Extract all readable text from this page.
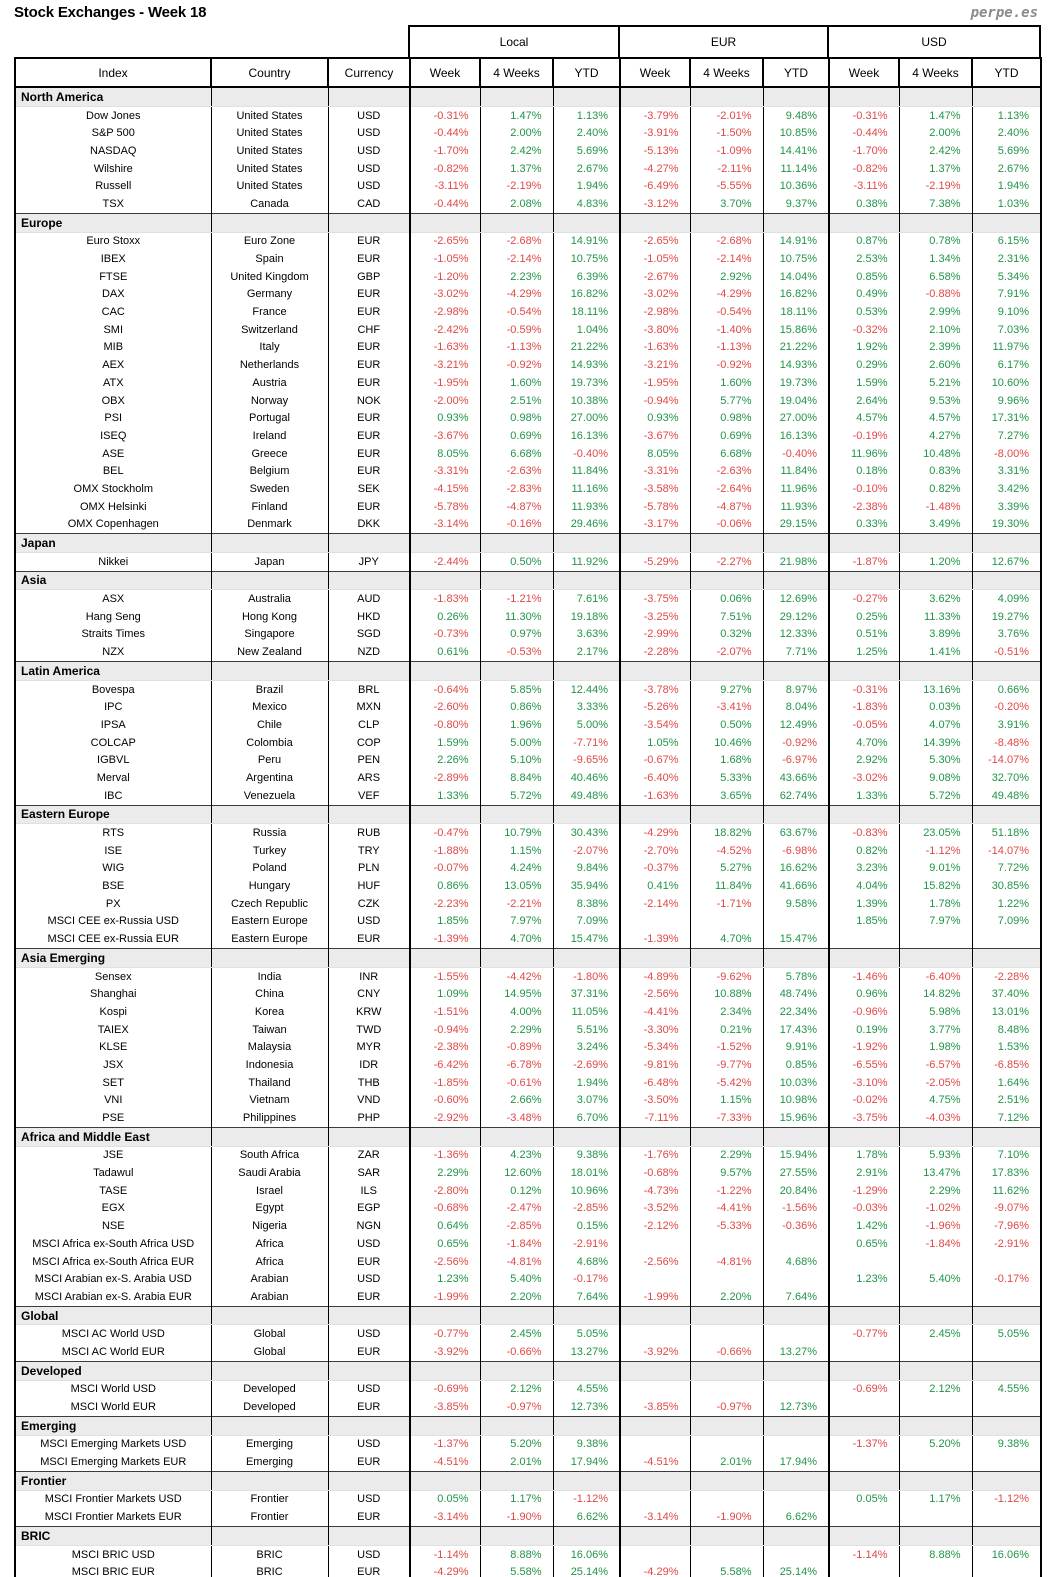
Stock Exchanges - Week 18	perpe.es
	Local	EUR	USD
Index	Country	Currency	Week	4 Weeks	YTD	Week	4 Weeks	YTD	Week	4 Weeks	YTD
North America											
Dow Jones	United States	USD	-0.31%	1.47%	1.13%	-3.79%	-2.01%	9.48%	-0.31%	1.47%	1.13%
S&P 500	United States	USD	-0.44%	2.00%	2.40%	-3.91%	-1.50%	10.85%	-0.44%	2.00%	2.40%
NASDAQ	United States	USD	-1.70%	2.42%	5.69%	-5.13%	-1.09%	14.41%	-1.70%	2.42%	5.69%
Wilshire	United States	USD	-0.82%	1.37%	2.67%	-4.27%	-2.11%	11.14%	-0.82%	1.37%	2.67%
Russell	United States	USD	-3.11%	-2.19%	1.94%	-6.49%	-5.55%	10.36%	-3.11%	-2.19%	1.94%
TSX	Canada	CAD	-0.44%	2.08%	4.83%	-3.12%	3.70%	9.37%	0.38%	7.38%	1.03%
Europe											
Euro Stoxx	Euro Zone	EUR	-2.65%	-2.68%	14.91%	-2.65%	-2.68%	14.91%	0.87%	0.78%	6.15%
IBEX	Spain	EUR	-1.05%	-2.14%	10.75%	-1.05%	-2.14%	10.75%	2.53%	1.34%	2.31%
FTSE	United Kingdom	GBP	-1.20%	2.23%	6.39%	-2.67%	2.92%	14.04%	0.85%	6.58%	5.34%
DAX	Germany	EUR	-3.02%	-4.29%	16.82%	-3.02%	-4.29%	16.82%	0.49%	-0.88%	7.91%
CAC	France	EUR	-2.98%	-0.54%	18.11%	-2.98%	-0.54%	18.11%	0.53%	2.99%	9.10%
SMI	Switzerland	CHF	-2.42%	-0.59%	1.04%	-3.80%	-1.40%	15.86%	-0.32%	2.10%	7.03%
MIB	Italy	EUR	-1.63%	-1.13%	21.22%	-1.63%	-1.13%	21.22%	1.92%	2.39%	11.97%
AEX	Netherlands	EUR	-3.21%	-0.92%	14.93%	-3.21%	-0.92%	14.93%	0.29%	2.60%	6.17%
ATX	Austria	EUR	-1.95%	1.60%	19.73%	-1.95%	1.60%	19.73%	1.59%	5.21%	10.60%
OBX	Norway	NOK	-2.00%	2.51%	10.38%	-0.94%	5.77%	19.04%	2.64%	9.53%	9.96%
PSI	Portugal	EUR	0.93%	0.98%	27.00%	0.93%	0.98%	27.00%	4.57%	4.57%	17.31%
ISEQ	Ireland	EUR	-3.67%	0.69%	16.13%	-3.67%	0.69%	16.13%	-0.19%	4.27%	7.27%
ASE	Greece	EUR	8.05%	6.68%	-0.40%	8.05%	6.68%	-0.40%	11.96%	10.48%	-8.00%
BEL	Belgium	EUR	-3.31%	-2.63%	11.84%	-3.31%	-2.63%	11.84%	0.18%	0.83%	3.31%
OMX Stockholm	Sweden	SEK	-4.15%	-2.83%	11.16%	-3.58%	-2.64%	11.96%	-0.10%	0.82%	3.42%
OMX Helsinki	Finland	EUR	-5.78%	-4.87%	11.93%	-5.78%	-4.87%	11.93%	-2.38%	-1.48%	3.39%
OMX Copenhagen	Denmark	DKK	-3.14%	-0.16%	29.46%	-3.17%	-0.06%	29.15%	0.33%	3.49%	19.30%
Japan											
Nikkei	Japan	JPY	-2.44%	0.50%	11.92%	-5.29%	-2.27%	21.98%	-1.87%	1.20%	12.67%
Asia											
ASX	Australia	AUD	-1.83%	-1.21%	7.61%	-3.75%	0.06%	12.69%	-0.27%	3.62%	4.09%
Hang Seng	Hong Kong	HKD	0.26%	11.30%	19.18%	-3.25%	7.51%	29.12%	0.25%	11.33%	19.27%
Straits Times	Singapore	SGD	-0.73%	0.97%	3.63%	-2.99%	0.32%	12.33%	0.51%	3.89%	3.76%
NZX	New Zealand	NZD	0.61%	-0.53%	2.17%	-2.28%	-2.07%	7.71%	1.25%	1.41%	-0.51%
Latin America											
Bovespa	Brazil	BRL	-0.64%	5.85%	12.44%	-3.78%	9.27%	8.97%	-0.31%	13.16%	0.66%
IPC	Mexico	MXN	-2.60%	0.86%	3.33%	-5.26%	-3.41%	8.04%	-1.83%	0.03%	-0.20%
IPSA	Chile	CLP	-0.80%	1.96%	5.00%	-3.54%	0.50%	12.49%	-0.05%	4.07%	3.91%
COLCAP	Colombia	COP	1.59%	5.00%	-7.71%	1.05%	10.46%	-0.92%	4.70%	14.39%	-8.48%
IGBVL	Peru	PEN	2.26%	5.10%	-9.65%	-0.67%	1.68%	-6.97%	2.92%	5.30%	-14.07%
Merval	Argentina	ARS	-2.89%	8.84%	40.46%	-6.40%	5.33%	43.66%	-3.02%	9.08%	32.70%
IBC	Venezuela	VEF	1.33%	5.72%	49.48%	-1.63%	3.65%	62.74%	1.33%	5.72%	49.48%
Eastern Europe											
RTS	Russia	RUB	-0.47%	10.79%	30.43%	-4.29%	18.82%	63.67%	-0.83%	23.05%	51.18%
ISE	Turkey	TRY	-1.88%	1.15%	-2.07%	-2.70%	-4.52%	-6.98%	0.82%	-1.12%	-14.07%
WIG	Poland	PLN	-0.07%	4.24%	9.84%	-0.37%	5.27%	16.62%	3.23%	9.01%	7.72%
BSE	Hungary	HUF	0.86%	13.05%	35.94%	0.41%	11.84%	41.66%	4.04%	15.82%	30.85%
PX	Czech Republic	CZK	-2.23%	-2.21%	8.38%	-2.14%	-1.71%	9.58%	1.39%	1.78%	1.22%
MSCI CEE ex-Russia USD	Eastern Europe	USD	1.85%	7.97%	7.09%				1.85%	7.97%	7.09%
MSCI CEE ex-Russia EUR	Eastern Europe	EUR	-1.39%	4.70%	15.47%	-1.39%	4.70%	15.47%			
Asia Emerging											
Sensex	India	INR	-1.55%	-4.42%	-1.80%	-4.89%	-9.62%	5.78%	-1.46%	-6.40%	-2.28%
Shanghai	China	CNY	1.09%	14.95%	37.31%	-2.56%	10.88%	48.74%	0.96%	14.82%	37.40%
Kospi	Korea	KRW	-1.51%	4.00%	11.05%	-4.41%	2.34%	22.34%	-0.96%	5.98%	13.01%
TAIEX	Taiwan	TWD	-0.94%	2.29%	5.51%	-3.30%	0.21%	17.43%	0.19%	3.77%	8.48%
KLSE	Malaysia	MYR	-2.38%	-0.89%	3.24%	-5.34%	-1.52%	9.91%	-1.92%	1.98%	1.53%
JSX	Indonesia	IDR	-6.42%	-6.78%	-2.69%	-9.81%	-9.77%	0.85%	-6.55%	-6.57%	-6.85%
SET	Thailand	THB	-1.85%	-0.61%	1.94%	-6.48%	-5.42%	10.03%	-3.10%	-2.05%	1.64%
VNI	Vietnam	VND	-0.60%	2.66%	3.07%	-3.50%	1.15%	10.98%	-0.02%	4.75%	2.51%
PSE	Philippines	PHP	-2.92%	-3.48%	6.70%	-7.11%	-7.33%	15.96%	-3.75%	-4.03%	7.12%
Africa and Middle East											
JSE	South Africa	ZAR	-1.36%	4.23%	9.38%	-1.76%	2.29%	15.94%	1.78%	5.93%	7.10%
Tadawul	Saudi Arabia	SAR	2.29%	12.60%	18.01%	-0.68%	9.57%	27.55%	2.91%	13.47%	17.83%
TASE	Israel	ILS	-2.80%	0.12%	10.96%	-4.73%	-1.22%	20.84%	-1.29%	2.29%	11.62%
EGX	Egypt	EGP	-0.68%	-2.47%	-2.85%	-3.52%	-4.41%	-1.56%	-0.03%	-1.02%	-9.07%
NSE	Nigeria	NGN	0.64%	-2.85%	0.15%	-2.12%	-5.33%	-0.36%	1.42%	-1.96%	-7.96%
MSCI Africa ex-South Africa USD	Africa	USD	0.65%	-1.84%	-2.91%				0.65%	-1.84%	-2.91%
MSCI Africa ex-South Africa EUR	Africa	EUR	-2.56%	-4.81%	4.68%	-2.56%	-4.81%	4.68%			
MSCI Arabian ex-S. Arabia USD	Arabian	USD	1.23%	5.40%	-0.17%				1.23%	5.40%	-0.17%
MSCI Arabian ex-S. Arabia EUR	Arabian	EUR	-1.99%	2.20%	7.64%	-1.99%	2.20%	7.64%			
Global											
MSCI AC World USD	Global	USD	-0.77%	2.45%	5.05%				-0.77%	2.45%	5.05%
MSCI AC World EUR	Global	EUR	-3.92%	-0.66%	13.27%	-3.92%	-0.66%	13.27%			
Developed											
MSCI World USD	Developed	USD	-0.69%	2.12%	4.55%				-0.69%	2.12%	4.55%
MSCI World EUR	Developed	EUR	-3.85%	-0.97%	12.73%	-3.85%	-0.97%	12.73%			
Emerging											
MSCI Emerging Markets USD	Emerging	USD	-1.37%	5.20%	9.38%				-1.37%	5.20%	9.38%
MSCI Emerging Markets EUR	Emerging	EUR	-4.51%	2.01%	17.94%	-4.51%	2.01%	17.94%			
Frontier											
MSCI Frontier Markets USD	Frontier	USD	0.05%	1.17%	-1.12%				0.05%	1.17%	-1.12%
MSCI Frontier Markets EUR	Frontier	EUR	-3.14%	-1.90%	6.62%	-3.14%	-1.90%	6.62%			
BRIC											
MSCI BRIC USD	BRIC	USD	-1.14%	8.88%	16.06%				-1.14%	8.88%	16.06%
MSCI BRIC EUR	BRIC	EUR	-4.29%	5.58%	25.14%	-4.29%	5.58%	25.14%			
